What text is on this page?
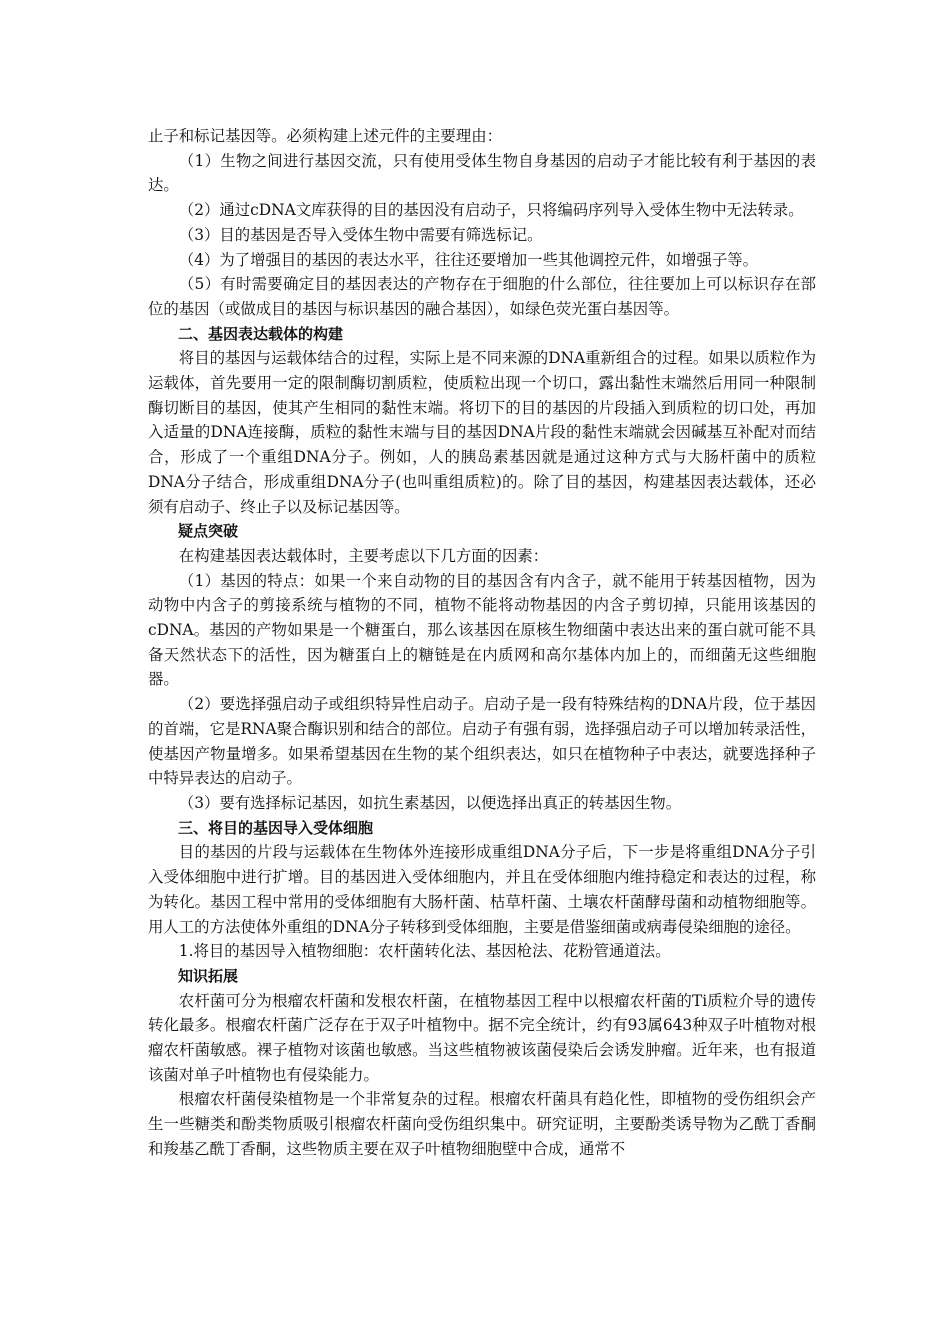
止子和标记基因等。必须构建上述元件的主要理由：

（1）生物之间进行基因交流，只有使用受体生物自身基因的启动子才能比较有利于基因的表达。

（2）通过cDNA文库获得的目的基因没有启动子，只将编码序列导入受体生物中无法转录。

（3）目的基因是否导入受体生物中需要有筛选标记。

（4）为了增强目的基因的表达水平，往往还要增加一些其他调控元件，如增强子等。

（5）有时需要确定目的基因表达的产物存在于细胞的什么部位，往往要加上可以标识存在部位的基因（或做成目的基因与标识基因的融合基因），如绿色荧光蛋白基因等。

二、基因表达载体的构建

将目的基因与运载体结合的过程，实际上是不同来源的DNA重新组合的过程。如果以质粒作为运载体，首先要用一定的限制酶切割质粒，使质粒出现一个切口，露出黏性末端然后用同一种限制酶切断目的基因，使其产生相同的黏性末端。将切下的目的基因的片段插入到质粒的切口处，再加入适量的DNA连接酶，质粒的黏性末端与目的基因DNA片段的黏性末端就会因碱基互补配对而结合，形成了一个重组DNA分子。例如，人的胰岛素基因就是通过这种方式与大肠杆菌中的质粒DNA分子结合，形成重组DNA分子(也叫重组质粒)的。除了目的基因，构建基因表达载体，还必须有启动子、终止子以及标记基因等。

疑点突破

在构建基因表达载体时，主要考虑以下几方面的因素：

（1）基因的特点：如果一个来自动物的目的基因含有内含子，就不能用于转基因植物，因为动物中内含子的剪接系统与植物的不同，植物不能将动物基因的内含子剪切掉，只能用该基因的cDNA。基因的产物如果是一个糖蛋白，那么该基因在原核生物细菌中表达出来的蛋白就可能不具备天然状态下的活性，因为糖蛋白上的糖链是在内质网和高尔基体内加上的，而细菌无这些细胞器。

（2）要选择强启动子或组织特异性启动子。启动子是一段有特殊结构的DNA片段，位于基因的首端，它是RNA聚合酶识别和结合的部位。启动子有强有弱，选择强启动子可以增加转录活性，使基因产物量增多。如果希望基因在生物的某个组织表达，如只在植物种子中表达，就要选择种子中特异表达的启动子。

（3）要有选择标记基因，如抗生素基因，以便选择出真正的转基因生物。

三、将目的基因导入受体细胞

目的基因的片段与运载体在生物体外连接形成重组DNA分子后，下一步是将重组DNA分子引入受体细胞中进行扩增。目的基因进入受体细胞内，并且在受体细胞内维持稳定和表达的过程，称为转化。基因工程中常用的受体细胞有大肠杆菌、枯草杆菌、土壤农杆菌酵母菌和动植物细胞等。用人工的方法使体外重组的DNA分子转移到受体细胞，主要是借鉴细菌或病毒侵染细胞的途径。

1.将目的基因导入植物细胞：农杆菌转化法、基因枪法、花粉管通道法。

知识拓展

农杆菌可分为根瘤农杆菌和发根农杆菌，在植物基因工程中以根瘤农杆菌的Ti质粒介导的遗传转化最多。根瘤农杆菌广泛存在于双子叶植物中。据不完全统计，约有93属643种双子叶植物对根瘤农杆菌敏感。裸子植物对该菌也敏感。当这些植物被该菌侵染后会诱发肿瘤。近年来，也有报道该菌对单子叶植物也有侵染能力。

根瘤农杆菌侵染植物是一个非常复杂的过程。根瘤农杆菌具有趋化性，即植物的受伤组织会产生一些糖类和酚类物质吸引根瘤农杆菌向受伤组织集中。研究证明，主要酚类诱导物为乙酰丁香酮和羧基乙酰丁香酮，这些物质主要在双子叶植物细胞壁中合成，通常不
